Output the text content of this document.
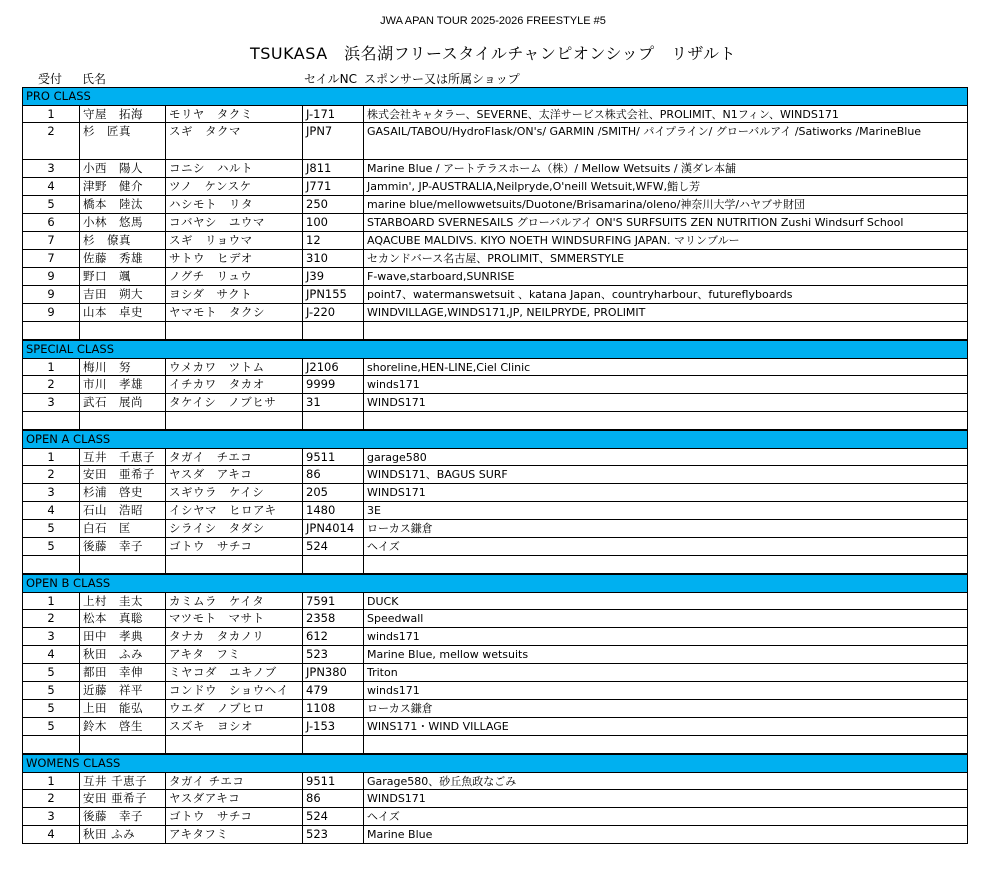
JWA APAN TOUR 2025-2026 FREESTYLE #5
TSUKASA　浜名湖フリースタイルチャンピオンシップ　リザルト
受付 氏名	セイルNC スポンサー又は所属ショップ
PRO CLASS
1	守屋　拓海	モリヤ　タクミ	J-171	株式会社キャタラー、SEVERNE、太洋サービス株式会社、PROLIMIT、N1フィン、WINDS171
2	杉　匠真	スギ　タクマ	JPN7	GASAIL/TABOU/HydroFlask/ON's/ GARMIN /SMITH/ パイプライン/ グローバルアイ /Satiworks /MarineBlue
3	小西　陽人	コニシ　ハルト	J811	Marine Blue / アートテラスホーム（株）/ Mellow Wetsuits / 漢ダレ本舗
4	津野　健介	ツノ　ケンスケ	J771	Jammin', JP-AUSTRALIA,Neilpryde,O'neill Wetsuit,WFW,鮨し芳
5	橋本　陸汰	ハシモト　リタ	250	marine blue/mellowwetsuits/Duotone/Brisamarina/oleno/神奈川大学/ハヤブサ財団
6	小林　悠馬	コバヤシ　ユウマ	100	STARBOARD SVERNESAILS グローバルアイ ON'S SURFSUITS ZEN NUTRITION Zushi Windsurf School
7	杉　僚真	スギ　リョウマ	12	AQACUBE MALDIVS. KIYO NOETH WINDSURFING JAPAN. マリンブルー
7	佐藤　秀雄	サトウ　ヒデオ	310	セカンドバース名古屋、PROLIMIT、SMMERSTYLE
9	野口　颯	ノグチ　リュウ	J39	F-wave,starboard,SUNRISE
9	吉田　朔大	ヨシダ　サクト	JPN155	point7、watermanswetsuit 、katana Japan、countryharbour、futureflyboards
9	山本　卓史	ヤマモト　タクシ	J-220	WINDVILLAGE,WINDS171,JP, NEILPRYDE, PROLIMIT
SPECIAL CLASS
1	梅川　努	ウメカワ　ツトム	J2106	shoreline,HEN-LINE,Ciel Clinic
2	市川　孝雄	イチカワ　タカオ	9999	winds171
3	武石　展尚	タケイシ　ノブヒサ	31	WINDS171
OPEN A CLASS
1	互井　千恵子	タガイ　チエコ	9511	garage580
2	安田　亜希子	ヤスダ　アキコ	86	WINDS171、BAGUS SURF
3	杉浦　啓史	スギウラ　ケイシ	205	WINDS171
4	石山　浩昭	イシヤマ　ヒロアキ	1480	3E
5	白石　匡	シライシ　タダシ	JPN4014	ローカス鎌倉
5	後藤　幸子	ゴトウ　サチコ	524	ヘイズ
OPEN B CLASS
1	上村　圭太	カミムラ　ケイタ	7591	DUCK
2	松本　真聡	マツモト　マサト	2358	Speedwall
3	田中　孝典	タナカ　タカノリ	612	winds171
4	秋田　ふみ	アキタ　フミ	523	Marine Blue, mellow wetsuits
5	都田　幸伸	ミヤコダ　ユキノブ	JPN380	Triton
5	近藤　祥平	コンドウ　ショウヘイ	479	winds171
5	上田　能弘	ウエダ　ノブヒロ	1108	ローカス鎌倉
5	鈴木　啓生	スズキ　ヨシオ	J-153	WINS171・WIND VILLAGE
WOMENS CLASS
1	互井 千恵子	タガイ チエコ	9511	Garage580、砂丘魚政なごみ
2	安田 亜希子	ヤスダアキコ	86	WINDS171
3	後藤　幸子	ゴトウ　サチコ	524	ヘイズ
4	秋田 ふみ	アキタフミ	523	Marine Blue
